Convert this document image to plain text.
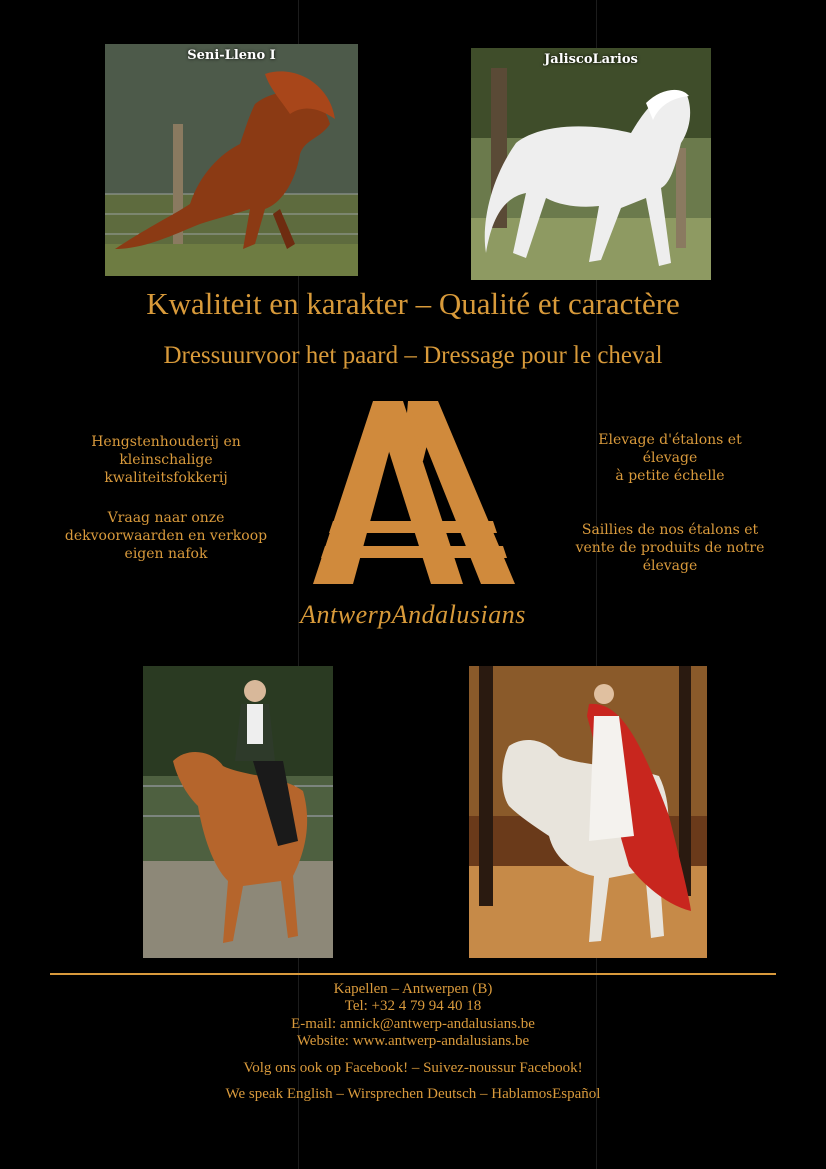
Seni-Lleno I	JaliscoLarios
Kwaliteit en karakter – Qualité et caractère
Dressuurvoor het paard – Dressage pour le cheval

Hengstenhouderij en

kleinschalige

kwaliteitsfokkerij

Vraag naar onze

dekvoorwaarden en verkoop

eigen nafok

Elevage d'étalons et élevage

à petite échelle

Saillies de nos étalons et

vente de produits de notre

élevage

AntwerpAndalusians
Kapellen – Antwerpen (B)
Tel: +32 4 79 94 40 18
E-mail: annick@antwerp-andalusians.be
Website: www.antwerp-andalusians.be
Volg ons ook op Facebook! – Suivez-noussur Facebook!
We speak English – Wirsprechen Deutsch – HablamosEspañol
